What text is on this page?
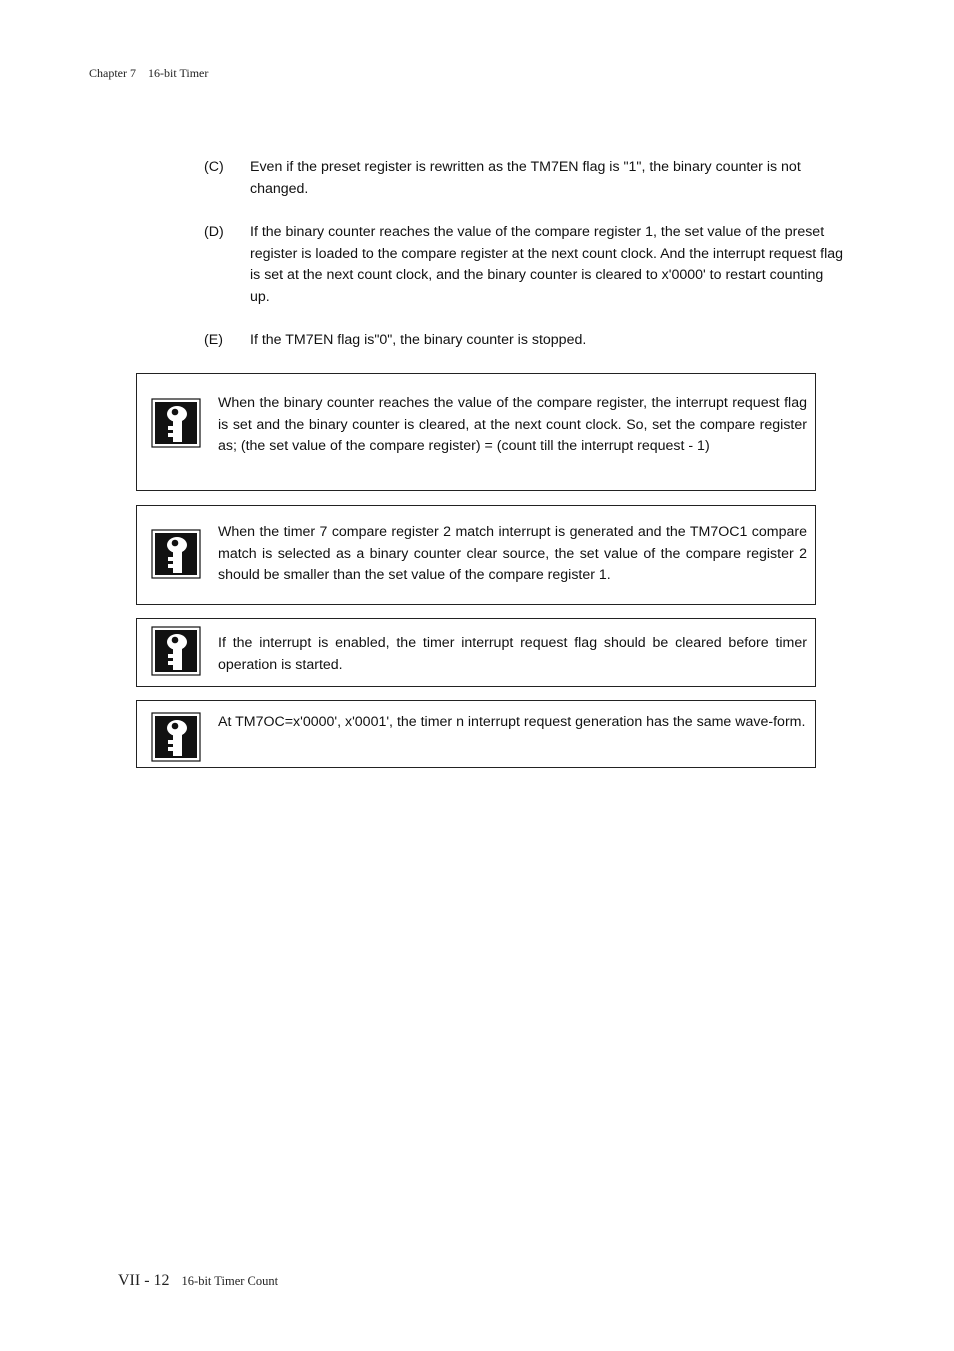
Chapter 7 16-bit Timer
(C) Even if the preset register is rewritten as the TM7EN flag is "1", the binary counter is not changed.
(D) If the binary counter reaches the value of the compare register 1, the set value of the preset register is loaded to the compare register at the next count clock. And the interrupt request flag is set at the next count clock, and the binary counter is cleared to x'0000' to restart counting up.
(E) If the TM7EN flag is"0", the binary counter is stopped.
When the binary counter reaches the value of the compare register, the interrupt request flag is set and the binary counter is cleared, at the next count clock. So, set the compare register as; (the set value of the compare register) = (count till the interrupt request - 1)
When the timer 7 compare register 2 match interrupt is generated and the TM7OC1 compare match is selected as a binary counter clear source, the set value of the compare register 2 should be smaller than the set value of the compare register 1.
If the interrupt is enabled, the timer interrupt request flag should be cleared before timer operation is started.
At TM7OC=x'0000', x'0001', the timer n interrupt request generation has the same wave-form.
VII - 12 16-bit Timer Count
